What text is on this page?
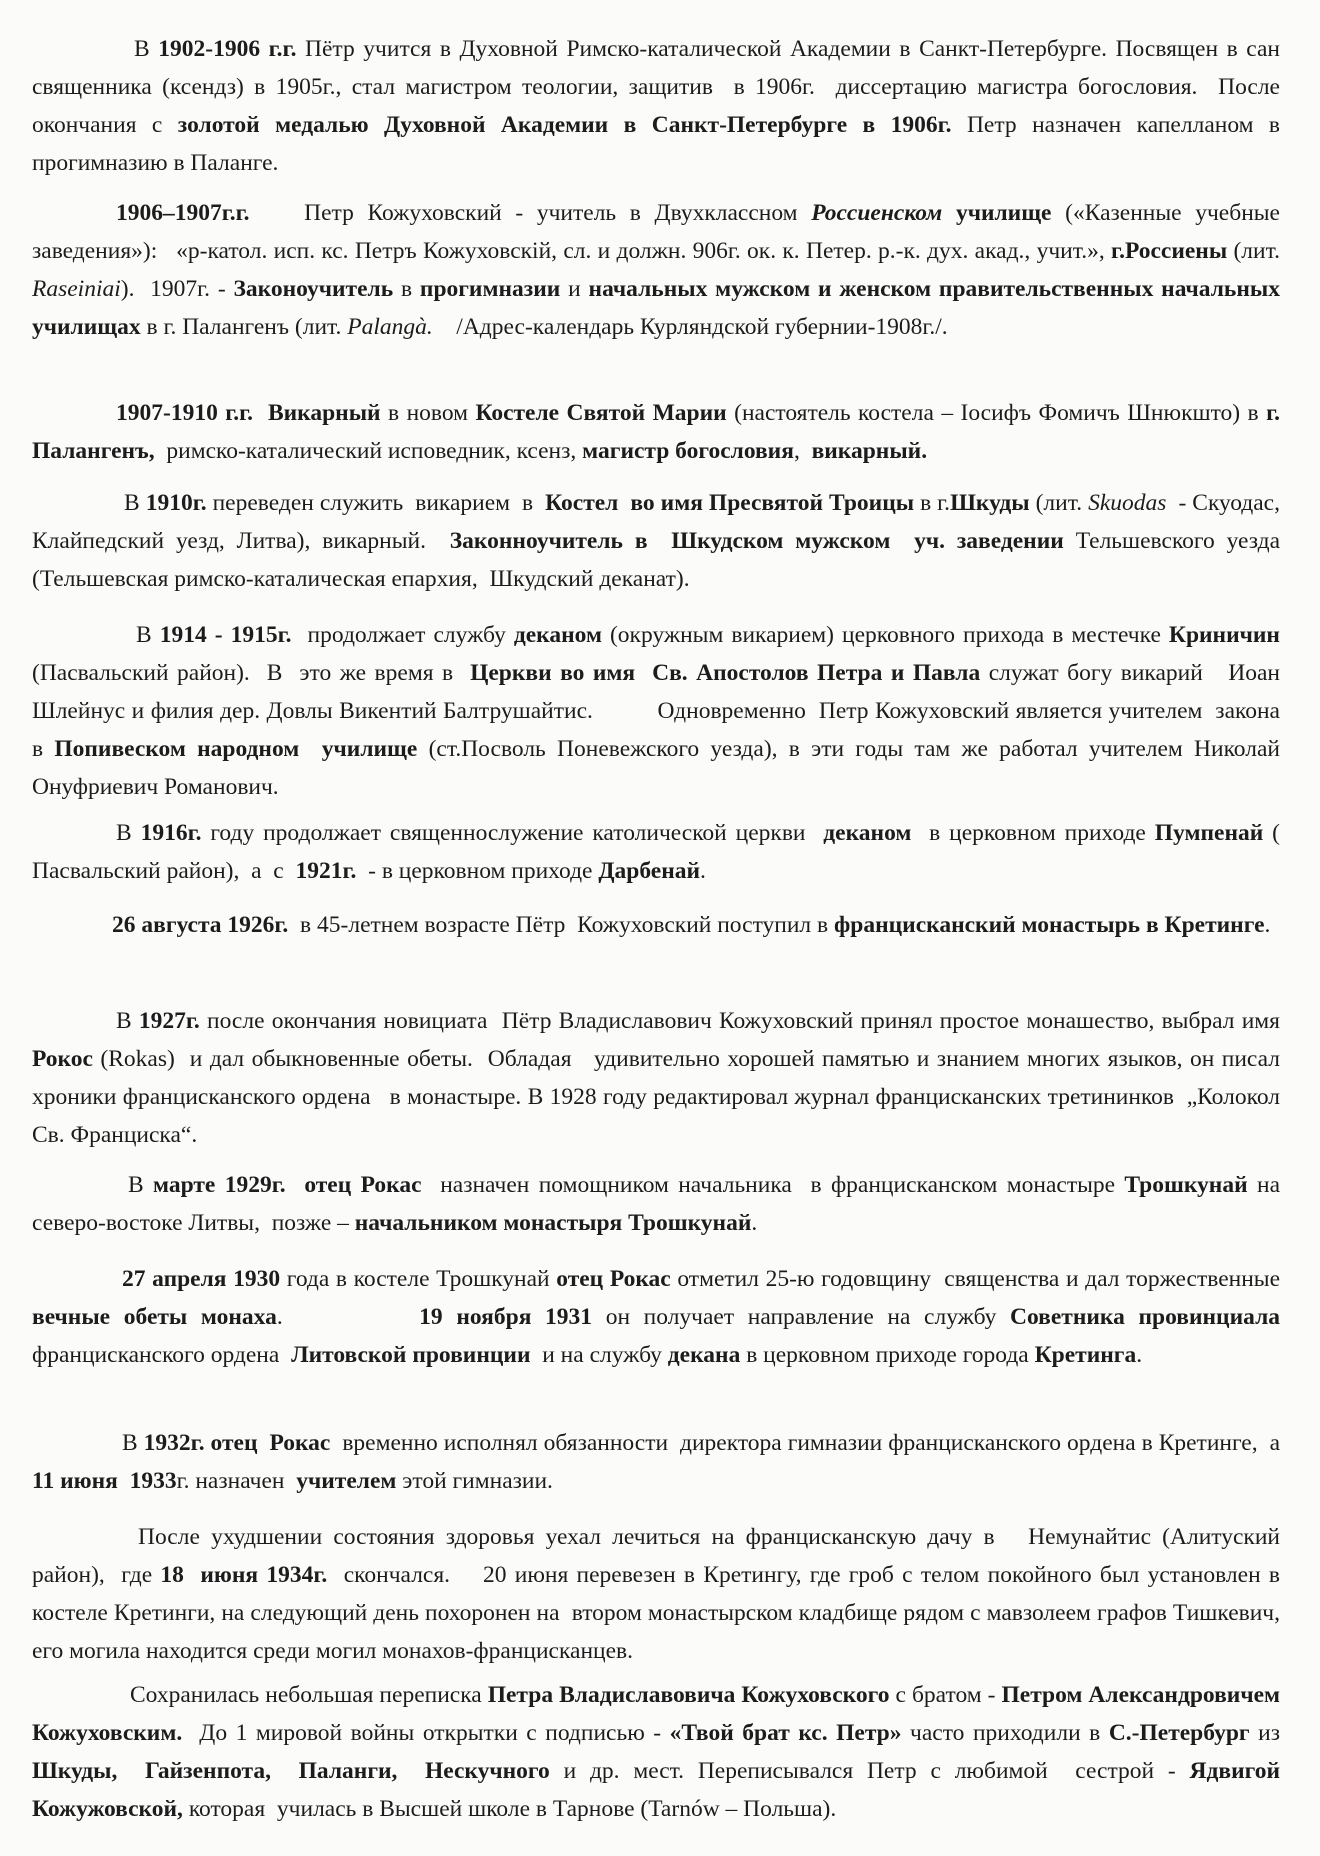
В 1902-1906 г.г. Пётр учится в Духовной Римско-каталической Академии в Санкт-Петербурге. Посвящен в сан священника (ксендз) в 1905г., стал магистром теологии, защитив  в 1906г.  диссертацию магистра богословия.  После окончания с золотой медалью Духовной Академии в Санкт-Петербурге в 1906г. Петр назначен капелланом в прогимназию в Паланге.

1906–1907г.г.    Петр Кожуховский - учитель в Двухклассном Россиенском училище («Казенные учебные заведения»):   «р-катол. исп. кс. Петръ Кожуховскiй, сл. и должн. 906г. ок. к. Петер. р.-к. дух. акад., учит.», г.Россиены (лит. Raseiniai).  1907г. - Законоучитель в прогимназии и начальных мужском и женском правительственных начальных училищах в г. Палангенъ (лит. Palangà.    /Адрес-календарь Курляндской губернии-1908г./.

1907-1910 г.г. Викарный в новом Костеле Святой Марии (настоятель костела – Iосифъ Фомичъ Шнюкшто) в г. Палангенъ,  римско-каталический исповедник, ксенз, магистр богословия,  викарный.

В 1910г. переведен служить  викарием  в  Костел  во имя Пресвятой Троицы в г.Шкуды (лит. Skuodas  - Скуодас, Клайпедский уезд, Литва), викарный.  Законноучитель в  Шкудском мужском  уч. заведении Тельшевского уезда  (Тельшевская римско-каталическая епархия,  Шкудский деканат).

В 1914 - 1915г.  продолжает службу деканом (окружным викарием) церковного прихода в местечке Криничин (Пасвальский район).  В  это же время в  Церкви во имя  Св. Апостолов Петра и Павла служат богу викарий   Иоан Шлейнус и филия дер. Довлы Викентий Балтрушайтис.          Одновременно  Петр Кожуховский является учителем  закона в Попивеском народном  училище (ст.Посволь Поневежского уезда), в эти годы там же работал учителем Николай Онуфриевич Романович.

В 1916г. году продолжает священнослужение католической церкви  деканом  в церковном приходе Пумпенай ( Пасвальский район),  а  с  1921г.  - в церковном приходе Дарбенай.

26 августа 1926г.  в 45-летнем возрасте Пётр  Кожуховский поступил в францисканский монастырь в Кретинге.

В 1927г. после окончания новициата  Пётр Владиславович Кожуховский принял простое монашество, выбрал имя  Рокос (Rokas)  и дал обыкновенные обеты.  Обладая   удивительно хорошей памятью и знанием многих языков, он писал хроники францисканского ордена   в монастыре. В 1928 году редактировал журнал францисканских третининков  „Колокол Св. Франциска“.

В марте 1929г. отец Рокас  назначен помощником начальника  в францисканском монастыре Трошкунай на северо-востоке Литвы,  позже – начальником монастыря Трошкунай.

27 апреля 1930 года в костеле Трошкунай отец Рокас отметил 25-ю годовщину  священства и дал торжественные вечные обеты монаха.          19 ноября 1931 он получает направление на службу Советника провинциала францисканского ордена  Литовской провинции  и на службу декана в церковном приходе города Кретинга.

В 1932г. отец  Рокас  временно исполнял обязанности  директора гимназии францисканского ордена в Кретинге,  а 11 июня  1933г. назначен  учителем этой гимназии.

После ухудшении состояния здоровья уехал лечиться на францисканскую дачу в   Немунайтис (Алитуский район),  где 18  июня 1934г.  скончался.    20 июня перевезен в Кретингу, где гроб с телом покойного был установлен в костеле Кретинги, на следующий день похоронен на  втором монастырском кладбище рядом с мавзолеем графов Тишкевич, его могила находится среди могил монахов-францисканцев.

Сохранилась небольшая переписка Петра Владиславовича Кожуховского с братом - Петром Александровичем Кожуховским.  До 1 мировой войны открытки с подписью - «Твой брат кс. Петр» часто приходили в С.-Петербург из  Шкуды,  Гайзенпота,  Паланги,  Нескучного и др. мест. Переписывался Петр с любимой  сестрой - Ядвигой Кожужовской, которая  училась в Высшей школе в Тарнове (Tarnów – Польша).
